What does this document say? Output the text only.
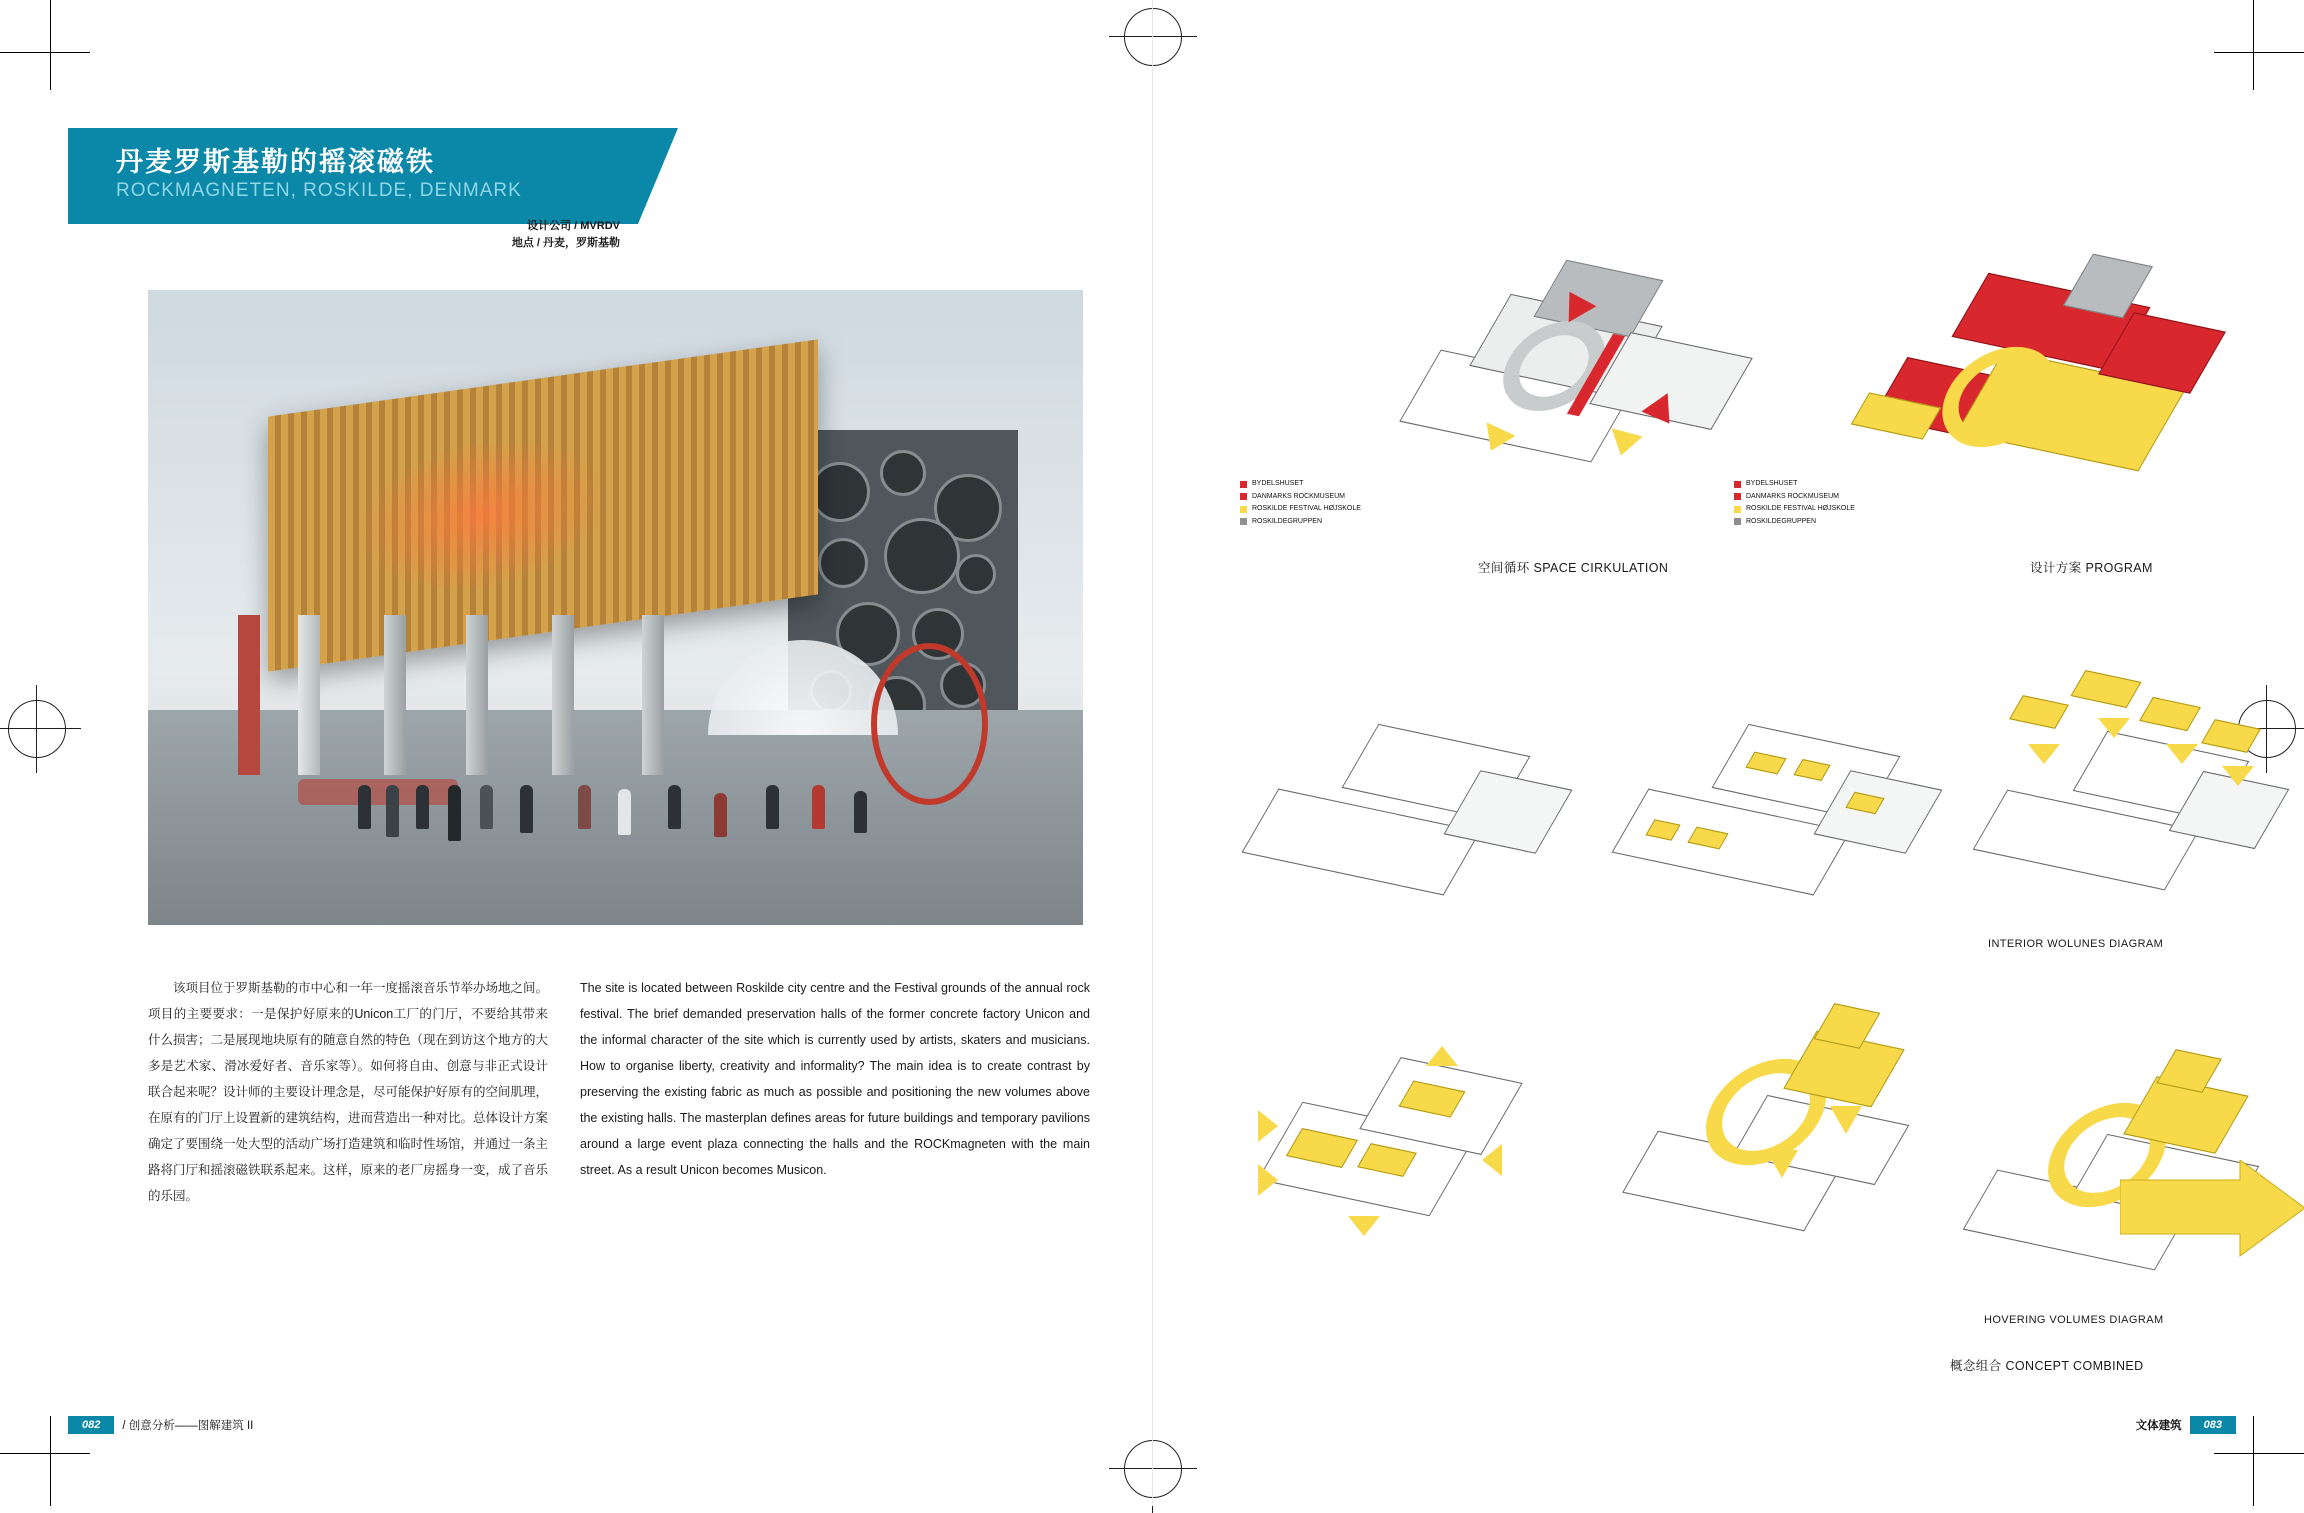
丹麦罗斯基勒的摇滚磁铁
ROCKMAGNETEN, ROSKILDE, DENMARK
设计公司 / MVRDV
地点 / 丹麦，罗斯基勒
　　该项目位于罗斯基勒的市中心和一年一度摇滚音乐节举办场地之间。项目的主要要求：一是保护好原来的Unicon工厂的门厅，不要给其带来什么损害；二是展现地块原有的随意自然的特色（现在到访这个地方的大多是艺术家、滑冰爱好者、音乐家等）。如何将自由、创意与非正式设计联合起来呢？设计师的主要设计理念是，尽可能保护好原有的空间肌理，在原有的门厅上设置新的建筑结构，进而营造出一种对比。总体设计方案确定了要围绕一处大型的活动广场打造建筑和临时性场馆，并通过一条主路将门厅和摇滚磁铁联系起来。这样，原来的老厂房摇身一变，成了音乐的乐园。
The site is located between Roskilde city centre and the Festival grounds of the annual rock festival. The brief demanded preservation halls of the former concrete factory Unicon and the informal character of the site which is currently used by artists, skaters and musicians. How to organise liberty, creativity and informality? The main idea is to create contrast by preserving the existing fabric as much as possible and positioning the new volumes above the existing halls. The masterplan defines areas for future buildings and temporary pavilions around a large event plaza connecting the halls and the ROCKmagneten with the main street. As a result Unicon becomes Musicon.
BYDELSHUSET
DANMARKS ROCKMUSEUM
ROSKILDE FESTIVAL HØJSKOLE
ROSKILDEGRUPPEN
空间循环 SPACE CIRKULATION
BYDELSHUSET
DANMARKS ROCKMUSEUM
ROSKILDE FESTIVAL HØJSKOLE
ROSKILDEGRUPPEN
设计方案 PROGRAM
INTERIOR WOLUNES DIAGRAM
HOVERING VOLUMES DIAGRAM
概念组合 CONCEPT COMBINED
082	/ 创意分析——图解建筑 II	文体建筑	083
